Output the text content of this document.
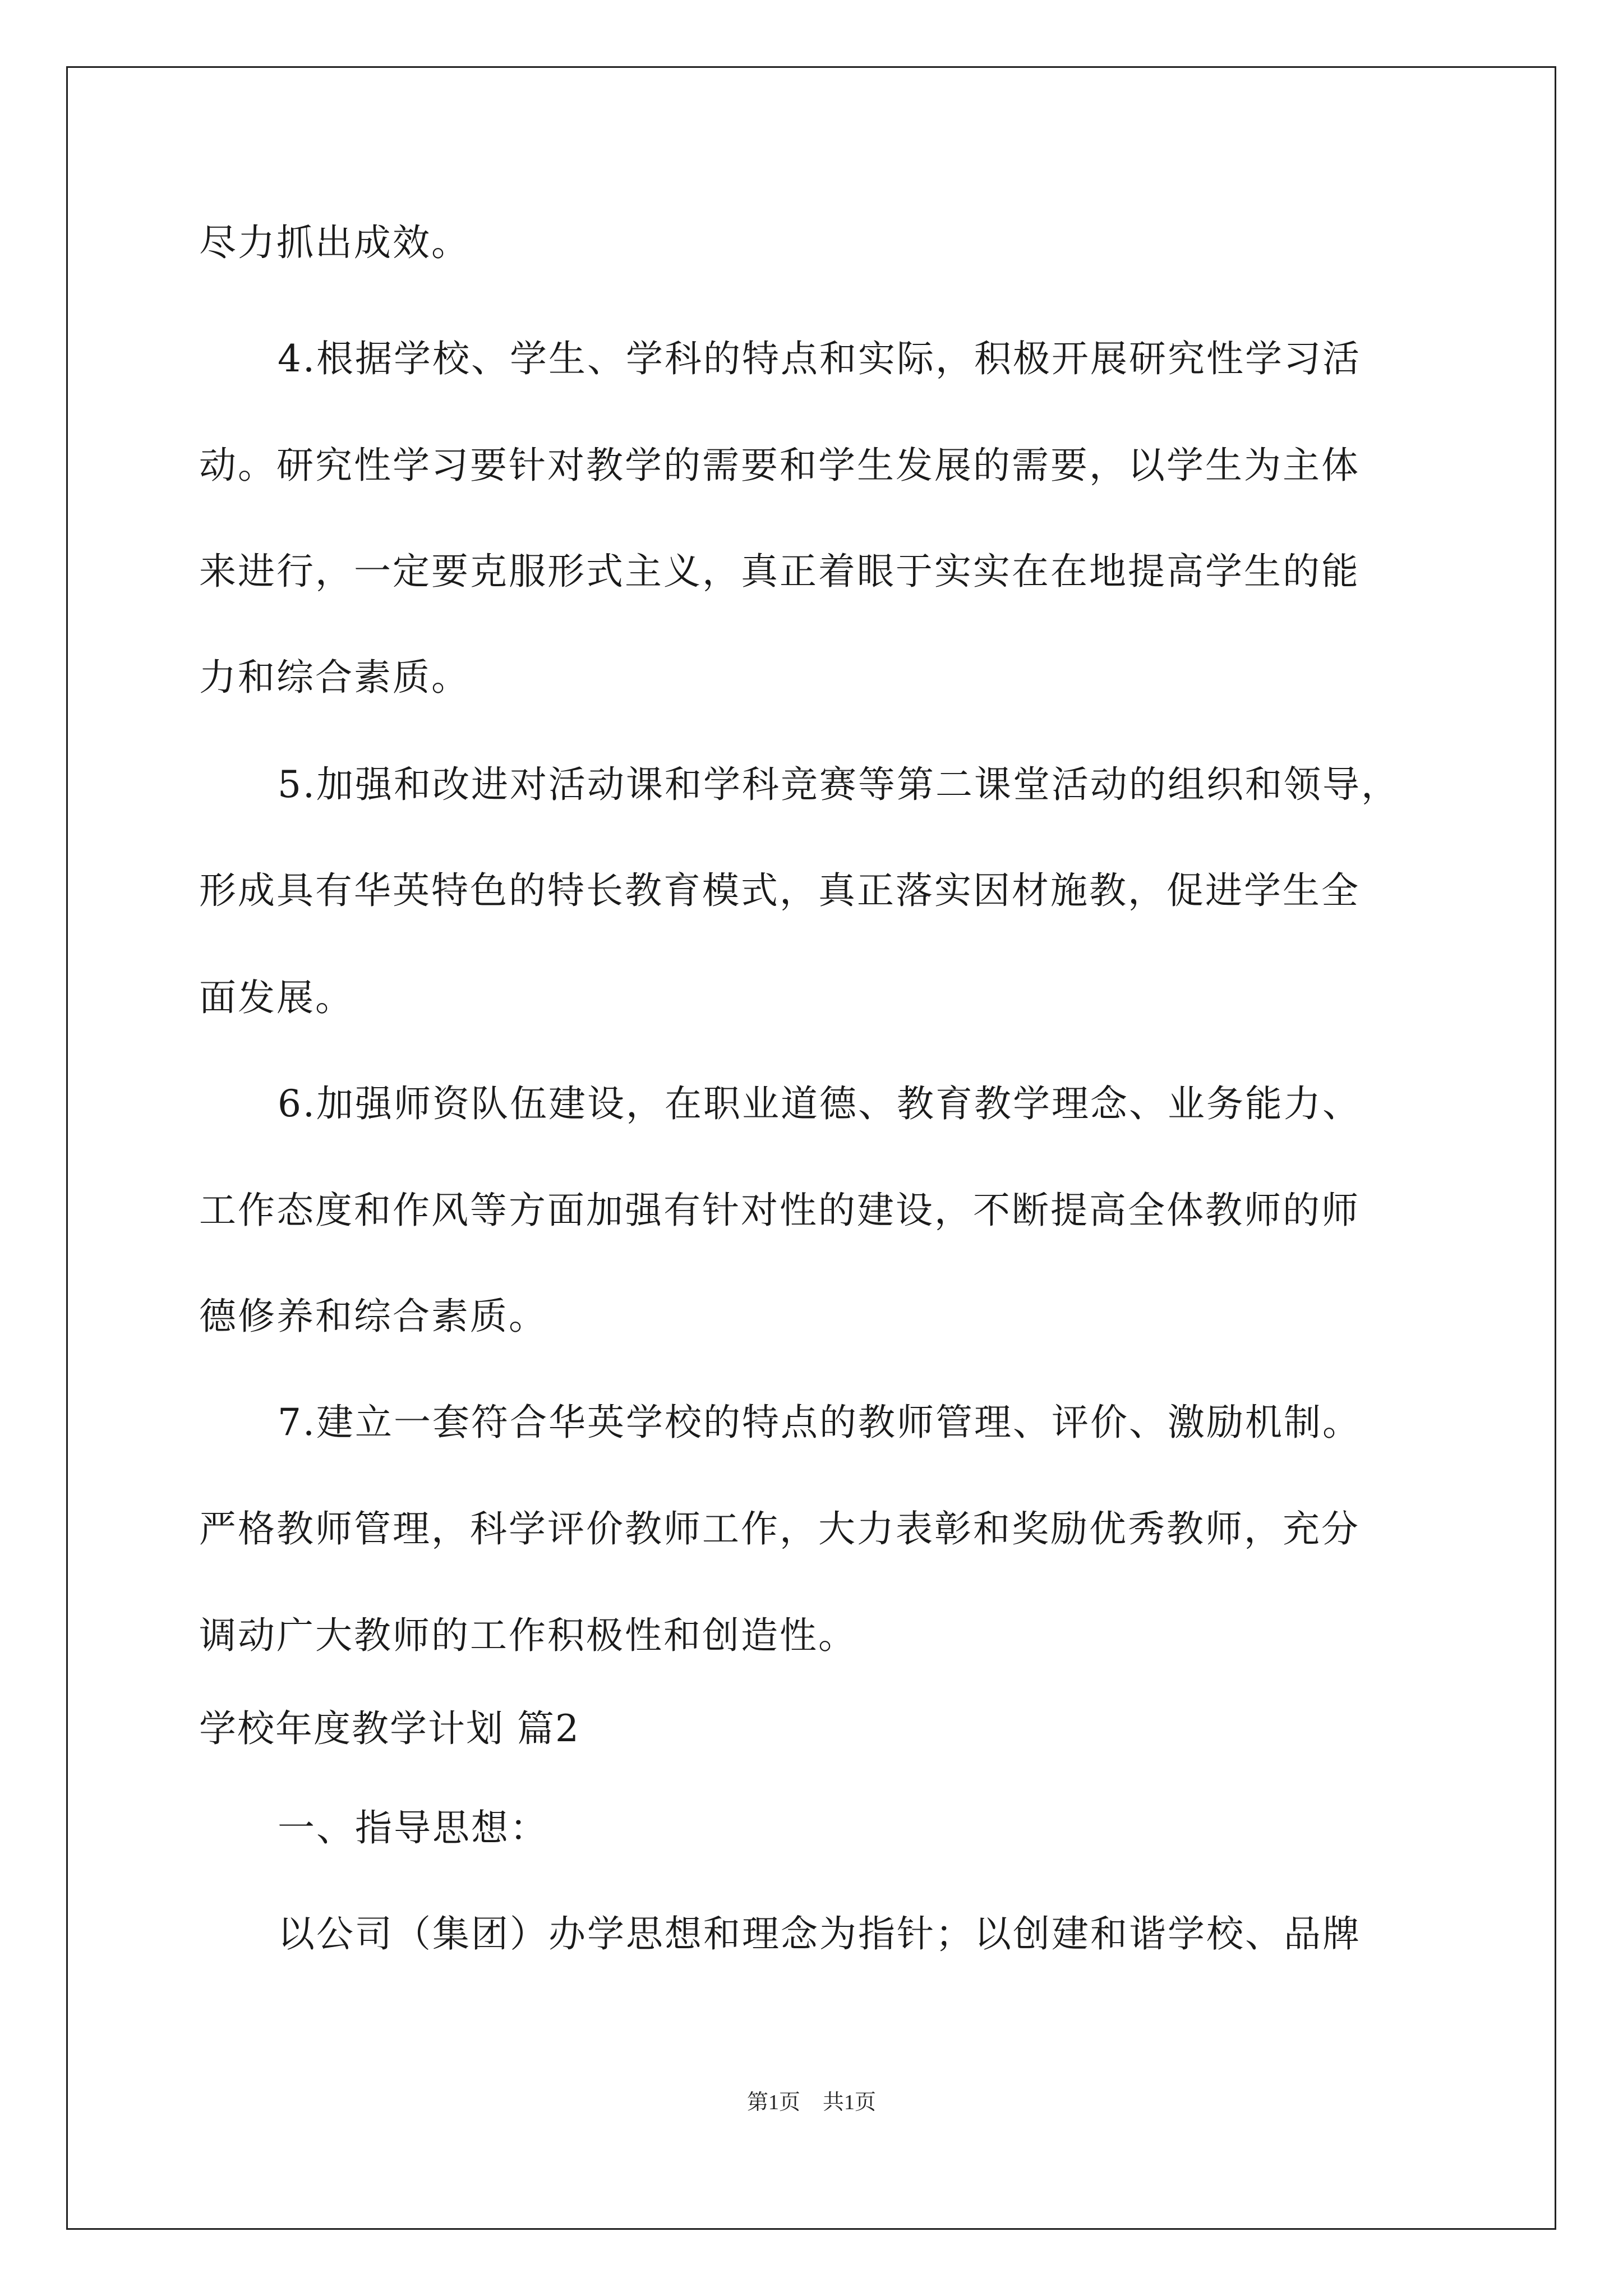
尽力抓出成效。
4.根据学校、学生、学科的特点和实际，积极开展研究性学习活
动。研究性学习要针对教学的需要和学生发展的需要，以学生为主体
来进行，一定要克服形式主义，真正着眼于实实在在地提高学生的能
力和综合素质。
5.加强和改进对活动课和学科竞赛等第二课堂活动的组织和领导，
形成具有华英特色的特长教育模式，真正落实因材施教，促进学生全
面发展。
6.加强师资队伍建设，在职业道德、教育教学理念、业务能力、
工作态度和作风等方面加强有针对性的建设，不断提高全体教师的师
德修养和综合素质。
7.建立一套符合华英学校的特点的教师管理、评价、激励机制。
严格教师管理，科学评价教师工作，大力表彰和奖励优秀教师，充分
调动广大教师的工作积极性和创造性。
学校年度教学计划 篇2
一、指导思想：
以公司（集团）办学思想和理念为指针；以创建和谐学校、品牌
第1页 共1页
